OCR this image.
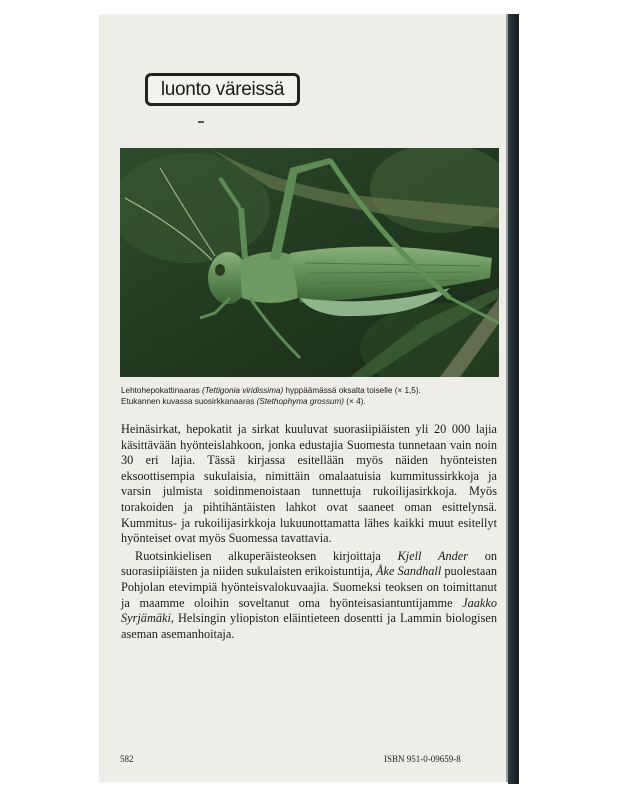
luonto väreissä
Lehtohepokattinaaras (Tettigonia viridissima) hyppäämässä oksalta toiselle (× 1,5).
Etukannen kuvassa suosirkkanaaras (Stethophyma grossum) (× 4).

Heinäsirkat, hepokatit ja sirkat kuuluvat suorasiipiäisten yli 20 000 lajia käsittävään hyönteislahkoon, jonka edustajia Suomesta tunnetaan vain noin 30 eri lajia. Tässä kirjassa esitellään myös näiden hyönteisten eksoottisempia sukulaisia, nimittäin omalaatuisia kummitussirkkoja ja varsin julmista soidinmenoistaan tunnettuja rukoilijasirkkoja. Myös torakoiden ja pihtihäntäisten lahkot ovat saaneet oman esittelynsä. Kummitus- ja rukoilijasirkkoja lukuunottamatta lähes kaikki muut esitellyt hyönteiset ovat myös Suomessa tavattavia.

Ruotsinkielisen alkuperäisteoksen kirjoittaja Kjell Ander on suorasiipiäisten ja niiden sukulaisten erikoistuntija, Åke Sandhall puolestaan Pohjolan etevimpiä hyönteisvalokuvaajia. Suomeksi teoksen on toimittanut ja maamme oloihin soveltanut oma hyönteisasiantuntijamme Jaakko Syrjämäki, Helsingin yliopiston eläintieteen dosentti ja Lammin biologisen aseman asemanhoitaja.

582	ISBN 951-0-09659-8
